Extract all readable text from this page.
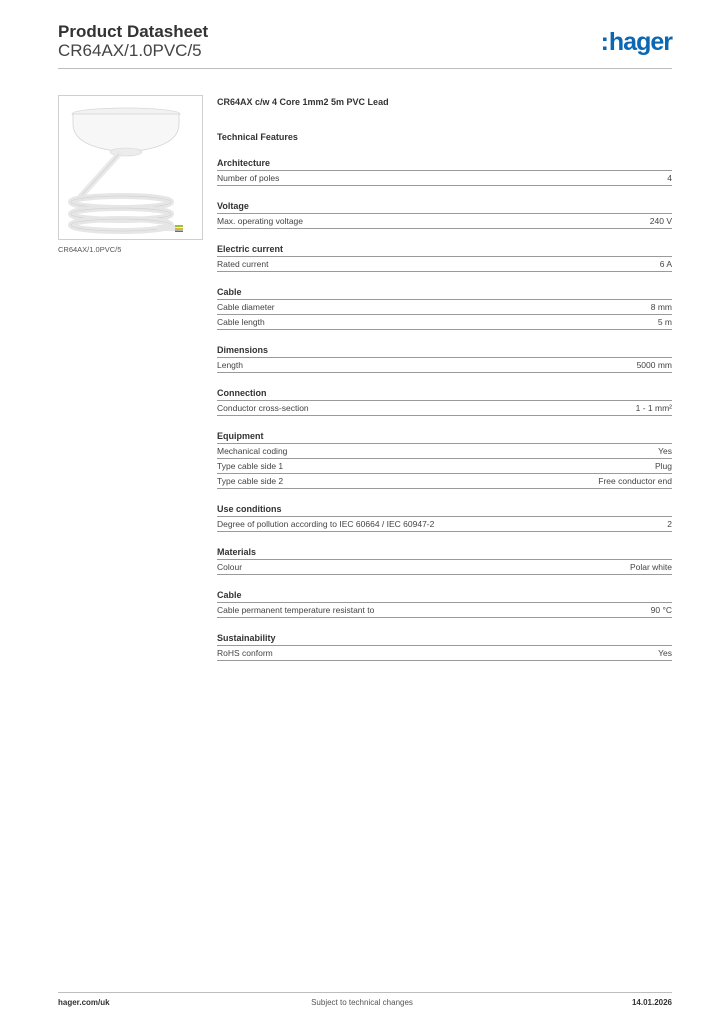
Product Datasheet
CR64AX/1.0PVC/5	:hager
CR64AX/1.0PVC/5
CR64AX c/w 4 Core 1mm2 5m PVC Lead
Technical Features
Architecture
Number of poles	4
Voltage
Max. operating voltage	240 V
Electric current
Rated current	6 A
Cable
Cable diameter	8 mm
Cable length	5 m
Dimensions
Length	5000 mm
Connection
Conductor cross-section	1 - 1 mm²
Equipment
Mechanical coding	Yes
Type cable side 1	Plug
Type cable side 2	Free conductor end
Use conditions
Degree of pollution according to IEC 60664 / IEC 60947-2	2
Materials
Colour	Polar white
Cable
Cable permanent temperature resistant to	90 °C
Sustainability
RoHS conform	Yes
hager.com/uk	Subject to technical changes	14.01.2026
